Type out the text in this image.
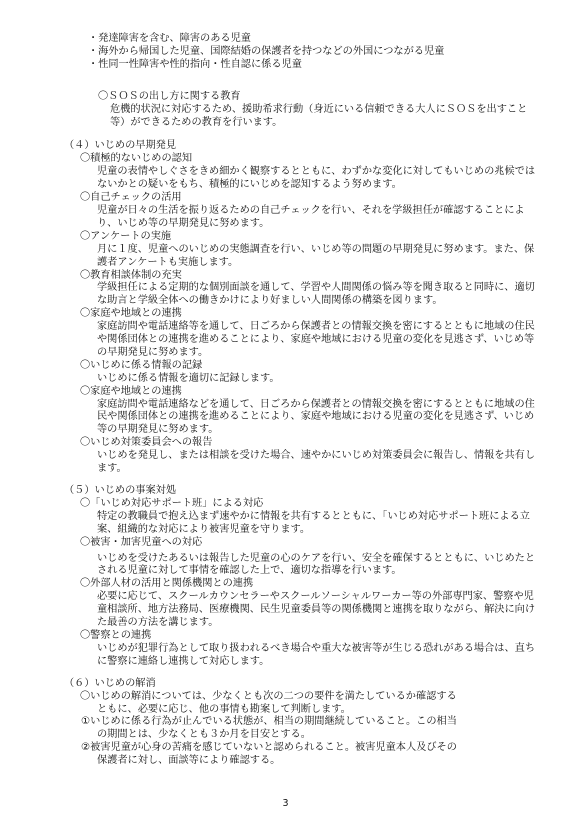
・発達障害を含む、障害のある児童

・海外から帰国した児童、国際結婚の保護者を持つなどの外国につながる児童

・性同一性障害や性的指向・性自認に係る児童

〇ＳＯＳの出し方に関する教育

危機的状況に対応するため、援助希求行動（身近にいる信頼できる大人にＳＯＳを出すこと等）ができるための教育を行います。

（４）いじめの早期発見

〇積極的ないじめの認知

児童の表情やしぐさをきめ細かく観察するとともに、わずかな変化に対してもいじめの兆候ではないかとの疑いをもち、積極的にいじめを認知するよう努めます。

〇自己チェックの活用

児童が日々の生活を振り返るための自己チェックを行い、それを学級担任が確認することにより、いじめ等の早期発見に努めます。

〇アンケートの実施

月に１度、児童へのいじめの実態調査を行い、いじめ等の問題の早期発見に努めます。また、保護者アンケートも実施します。

〇教育相談体制の充実

学級担任による定期的な個別面談を通して、学習や人間関係の悩み等を聞き取ると同時に、適切な助言と学級全体への働きかけにより好ましい人間関係の構築を図ります。

〇家庭や地域との連携

家庭訪問や電話連絡等を通して、日ごろから保護者との情報交換を密にするとともに地域の住民や関係団体との連携を進めることにより、家庭や地域における児童の変化を見逃さず、いじめ等の早期発見に努めます。

〇いじめに係る情報の記録

いじめに係る情報を適切に記録します。

〇家庭や地域との連携

家庭訪問や電話連絡などを通して、日ごろから保護者との情報交換を密にするとともに地域の住民や関係団体との連携を進めることにより、家庭や地域における児童の変化を見逃さず、いじめ等の早期発見に努めます。

〇いじめ対策委員会への報告

いじめを発見し、または相談を受けた場合、速やかにいじめ対策委員会に報告し、情報を共有します。

（５）いじめの事案対処

〇「いじめ対応サポート班」による対応

特定の教職員で抱え込まず速やかに情報を共有するとともに、「いじめ対応サポート班による立案、組織的な対応により被害児童を守ります。

〇被害・加害児童への対応

いじめを受けたあるいは報告した児童の心のケアを行い、安全を確保するとともに、いじめたとされる児童に対して事情を確認した上で、適切な指導を行います。

〇外部人材の活用と関係機関との連携

必要に応じて、スクールカウンセラーやスクールソーシャルワーカー等の外部専門家、警察や児童相談所、地方法務局、医療機関、民生児童委員等の関係機関と連携を取りながら、解決に向けた最善の方法を講じます。

〇警察との連携

いじめが犯罪行為として取り扱われるべき場合や重大な被害等が生じる恐れがある場合は、直ちに警察に連絡し連携して対応します。

（６）いじめの解消

〇いじめの解消については、少なくとも次の二つの要件を満たしているか確認する

ともに、必要に応じ、他の事情も勘案して判断します。

①いじめに係る行為が止んでいる状態が、相当の期間継続していること。この相当

の期間とは、少なくとも３か月を目安とする。

②被害児童が心身の苦痛を感じていないと認められること。被害児童本人及びその

保護者に対し、面談等により確認する。

3
